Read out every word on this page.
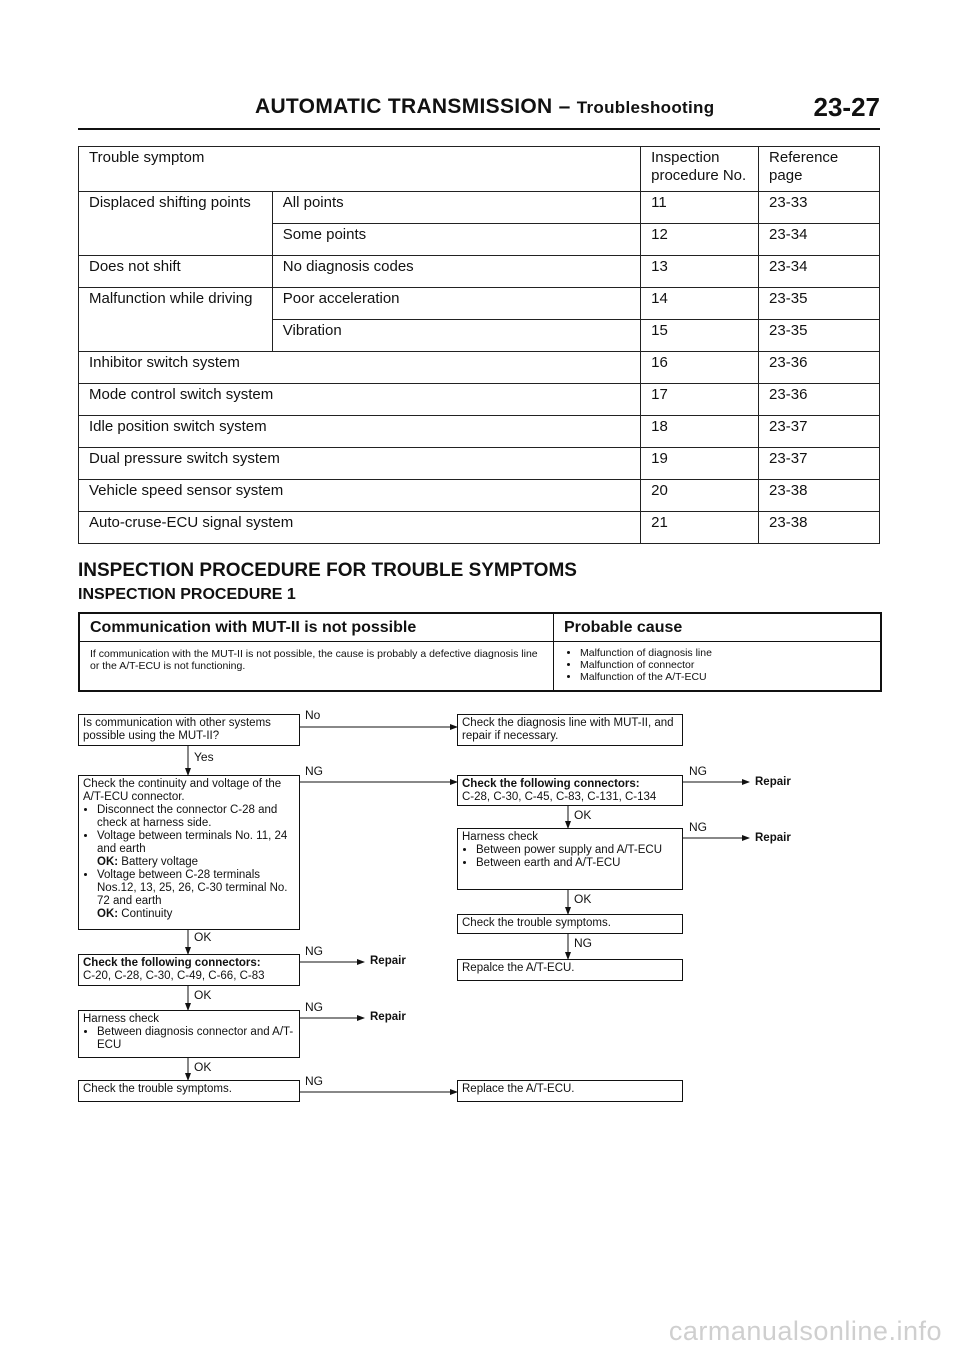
AUTOMATIC TRANSMISSION – Troubleshooting	23-27
Trouble symptom		Inspection procedure No.	Reference page
Displaced shifting points	All points	11	23-33
	Some points	12	23-34
Does not shift	No diagnosis codes	13	23-34
Malfunction while driving	Poor acceleration	14	23-35
	Vibration	15	23-35
Inhibitor switch system		16	23-36
Mode control switch system		17	23-36
Idle position switch system		18	23-37
Dual pressure switch system		19	23-37
Vehicle speed sensor system		20	23-38
Auto-cruse-ECU signal system		21	23-38
INSPECTION PROCEDURE FOR TROUBLE SYMPTOMS
INSPECTION PROCEDURE 1
Communication with MUT-II is not possible	Probable cause
If communication with the MUT-II is not possible, the cause is probably a defective diagnosis line or the A/T-ECU is not functioning.
• Malfunction of diagnosis line
• Malfunction of connector
• Malfunction of the A/T-ECU
Is communication with other systems possible using the MUT-II?
Check the diagnosis line with MUT-II, and repair if necessary.
Check the continuity and voltage of the A/T-ECU connector.
• Disconnect the connector C-28 and check at harness side.
• Voltage between terminals No. 11, 24 and earth
OK: Battery voltage
• Voltage between C-28 terminals Nos.12, 13, 25, 26, C-30 terminal No. 72 and earth
OK: Continuity
Check the following connectors:
C-20, C-28, C-30, C-49, C-66, C-83
Harness check
• Between diagnosis connector and A/T-ECU
Check the trouble symptoms.	Replace the A/T-ECU.
Check the following connectors:
C-28, C-30, C-45, C-83, C-131, C-134
Harness check
• Between power supply and A/T-ECU
• Between earth and A/T-ECU
Check the trouble symptoms.
Repalce the A/T-ECU.
No
Yes
NG
OK
NG
Repair
OK
NG
Repair
OK
NG
NG
Repair
OK
NG
Repair
OK
NG
carmanualsonline.info
